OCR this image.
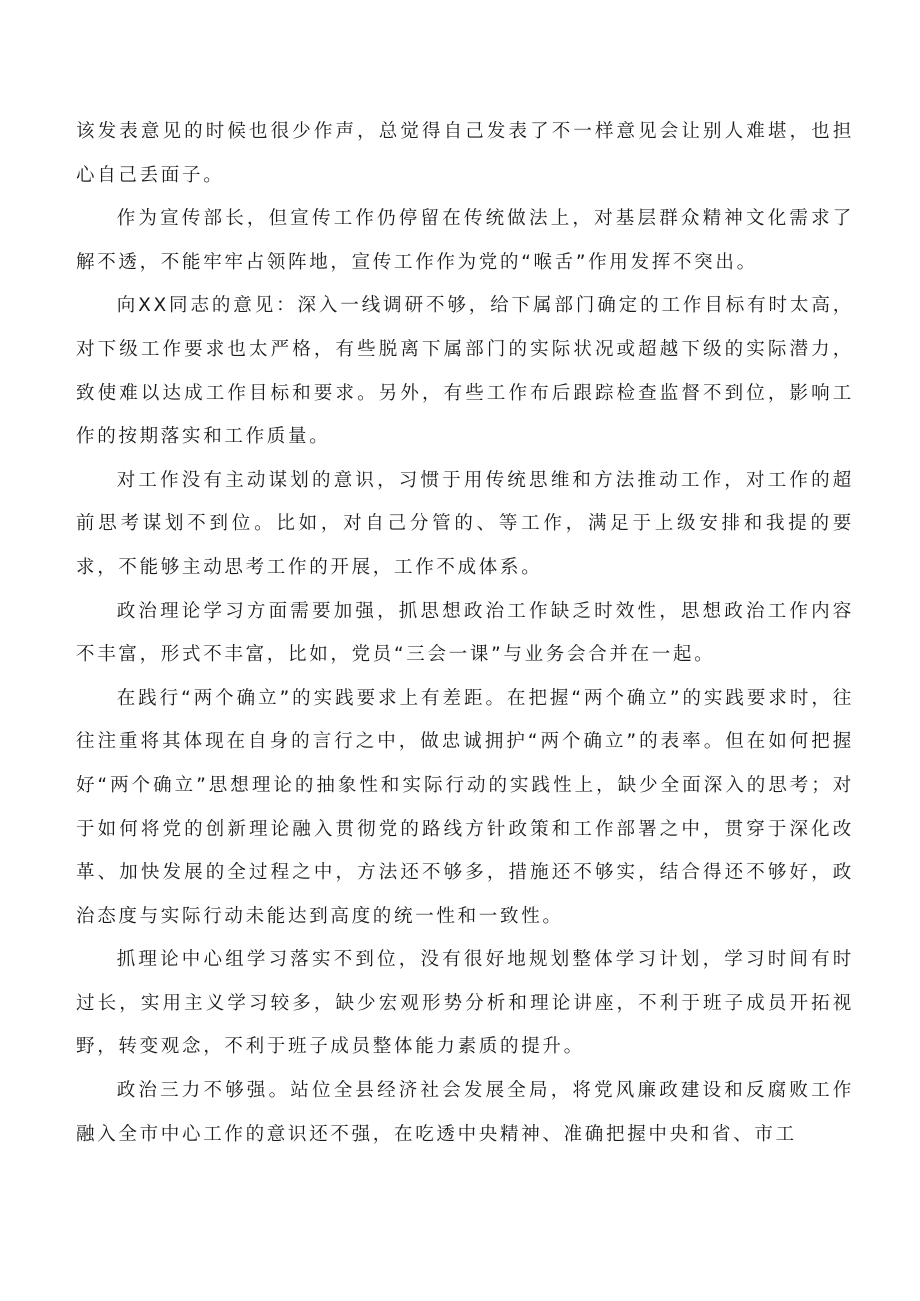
该发表意见的时候也很少作声，总觉得自己发表了不一样意见会让别人难堪，也担心自己丢面子。

作为宣传部长，但宣传工作仍停留在传统做法上，对基层群众精神文化需求了解不透，不能牢牢占领阵地，宣传工作作为党的“喉舌”作用发挥不突出。

向XX同志的意见：深入一线调研不够，给下属部门确定的工作目标有时太高，对下级工作要求也太严格，有些脱离下属部门的实际状况或超越下级的实际潜力，致使难以达成工作目标和要求。另外，有些工作布后跟踪检查监督不到位，影响工作的按期落实和工作质量。

对工作没有主动谋划的意识，习惯于用传统思维和方法推动工作，对工作的超前思考谋划不到位。比如，对自己分管的、等工作，满足于上级安排和我提的要求，不能够主动思考工作的开展，工作不成体系。

政治理论学习方面需要加强，抓思想政治工作缺乏时效性，思想政治工作内容不丰富，形式不丰富，比如，党员“三会一课”与业务会合并在一起。

在践行“两个确立”的实践要求上有差距。在把握“两个确立”的实践要求时，往往注重将其体现在自身的言行之中，做忠诚拥护“两个确立”的表率。但在如何把握好“两个确立”思想理论的抽象性和实际行动的实践性上，缺少全面深入的思考；对于如何将党的创新理论融入贯彻党的路线方针政策和工作部署之中，贯穿于深化改革、加快发展的全过程之中，方法还不够多，措施还不够实，结合得还不够好，政治态度与实际行动未能达到高度的统一性和一致性。

抓理论中心组学习落实不到位，没有很好地规划整体学习计划，学习时间有时过长，实用主义学习较多，缺少宏观形势分析和理论讲座，不利于班子成员开拓视野，转变观念，不利于班子成员整体能力素质的提升。

政治三力不够强。站位全县经济社会发展全局，将党风廉政建设和反腐败工作融入全市中心工作的意识还不强，在吃透中央精神、准确把握中央和省、市工
